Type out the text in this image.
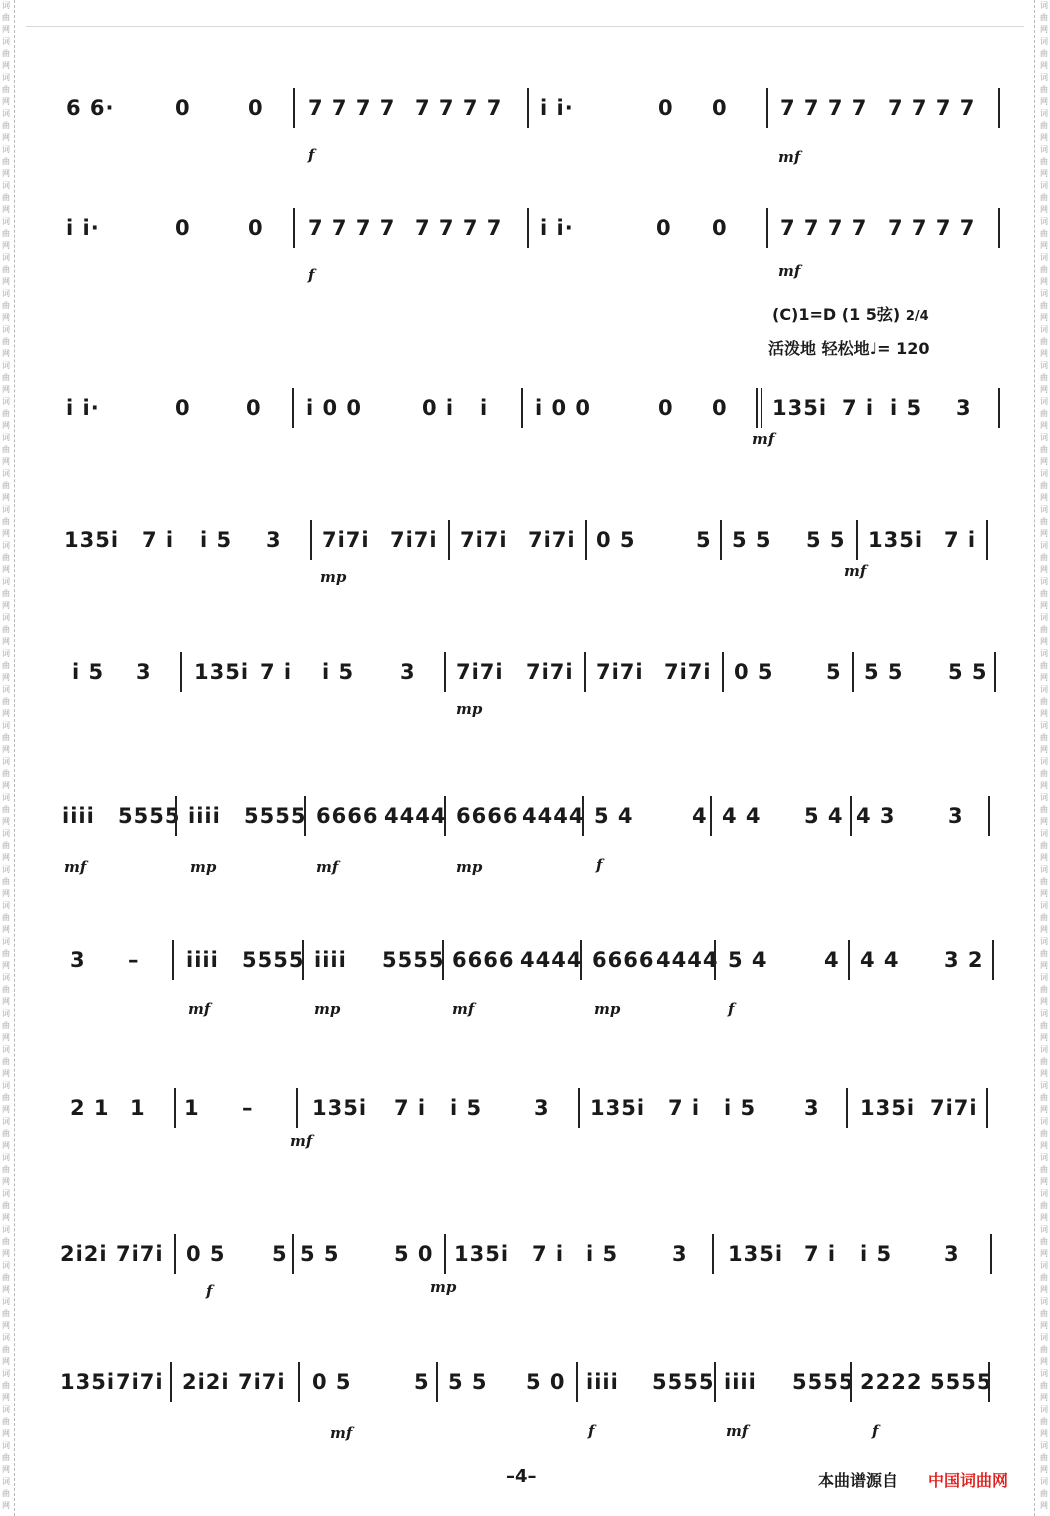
词
曲
网
词
曲
网
词
曲
网
词
曲
网
词
曲
网
词
曲
网
词
曲
网
词
曲
网
词
曲
网
词
曲
网
词
曲
网
词
曲
网
词
曲
网
词
曲
网
词
曲
网
词
曲
网
词
曲
网
词
曲
网
词
曲
网
词
曲
网
词
曲
网
词
曲
网
词
曲
网
词
曲
网
词
曲
网
词
曲
网
词
曲
网
词
曲
网
词
曲
网
词
曲
网
词
曲
网
词
曲
网
词
曲
网
词
曲
网
词
曲
网
词
曲
网
词
曲
网
词
曲
网
词
曲
网
词
曲
网
词
曲
网
词
曲
网
词
曲
网
词
曲
网
词
曲
网
词
曲
网
词
曲
网
词
曲
网
词
曲
网
词
曲
网
词
曲
网
词
曲
网
词
曲
网
词
曲
网
词
曲
网
词
曲
网
词
曲
网
词
曲
网
词
曲
网
词
曲
网
词
曲
网
词
曲
网
词
曲
网
词
曲
网
词
曲
网
词
曲
网
词
曲
网
词
曲
网
词
曲
网
词
曲
网
词
曲
网
词
曲
网
词
曲
网
词
曲
网
词
曲
网
词
曲
网
词
曲
网
词
曲
网
词
曲
网
词
曲
网
词
曲
网
词
曲
网
词
曲
网
词
曲
网
6 6·	0	0 7 7 7 7 7 7 7 7 i i·	0 0 7 7 7 7 7 7 7 7
f	mf
i i·	0	0 7 7 7 7 7 7 7 7 i i·	0 0 7 7 7 7 7 7 7 7
f	mf
(C)1=D (1 5弦) 2/4
活泼地 轻松地♩= 120
i i·	0	0 i 0 0	0 i i i 0 0	0 0 135i 7 i i 5 3
mf
135i 7 i i 5 3 7i7i 7i7i 7i7i 7i7i 0 5	5 5 5 5 5 135i 7 i
mp	mf
i 5 3 135i 7 i i 5 3 7i7i 7i7i 7i7i 7i7i 0 5 5 5 5 5 5
mp
iiii 5555 iiii 5555 6666 4444 6666 4444 5 4	4 4 4 5 4 4 3 3
mf	mp	mf	mp	f
3 – iiii 5555 iiii 5555 6666 4444 6666 4444 5 4	4 4 4 3 2
mf	mp	mf	mp	f
2 1 1 1 –	135i 7 i i 5 3 135i 7 i i 5 3 135i 7i7i
mf
2i2i 7i7i 0 5 5 5 5	5 0 135i 7 i i 5	3 135i 7 i i 5 3
f	mp
135i 7i7i 2i2i 7i7i 0 5	5 5 5 5 0 iiii 5555 iiii 5555 2222 5555
mf	f	mf	f
–4–	本曲谱源自 中国词曲网
